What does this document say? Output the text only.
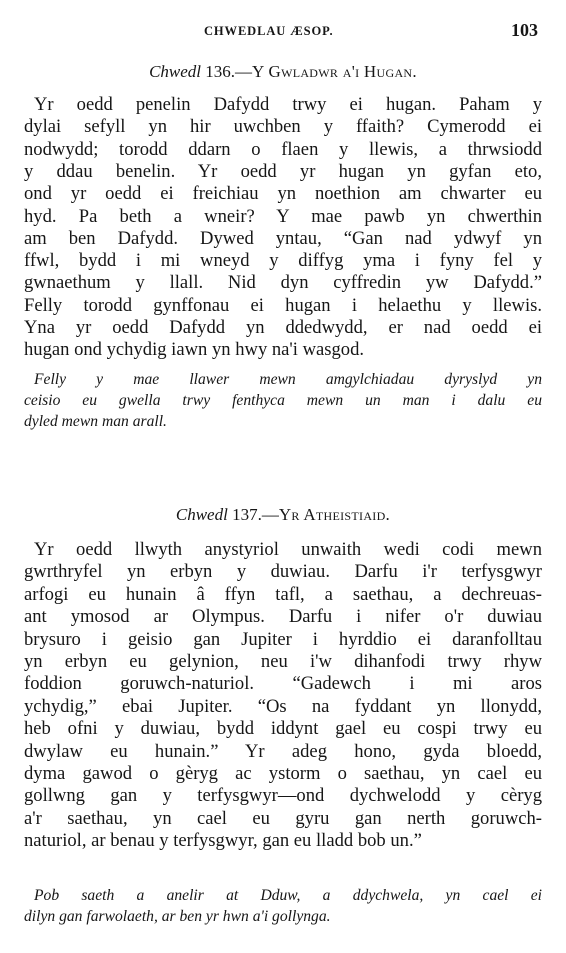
CHWEDLAU ÆSOP.	103
Chwedl 136.—Y Gwladwr a'i Hugan.
Yr oedd penelin Dafydd trwy ei hugan. Paham y
dylai sefyll yn hir uwchben y ffaith? Cymerodd ei
nodwydd; torodd ddarn o flaen y llewis, a thrwsiodd
y ddau benelin. Yr oedd yr hugan yn gyfan eto,
ond yr oedd ei freichiau yn noethion am chwarter eu
hyd. Pa beth a wneir? Y mae pawb yn chwerthin
am ben Dafydd. Dywed yntau, “Gan nad ydwyf yn
ffwl, bydd i mi wneyd y diffyg yma i fyny fel y
gwnaethum y llall. Nid dyn cyffredin yw Dafydd.”
Felly torodd gynffonau ei hugan i helaethu y llewis.
Yna yr oedd Dafydd yn ddedwydd, er nad oedd ei
hugan ond ychydig iawn yn hwy na'i wasgod.
Felly y mae llawer mewn amgylchiadau dyryslyd yn
ceisio eu gwella trwy fenthyca mewn un man i dalu eu
dyled mewn man arall.
Chwedl 137.—Yr Atheistiaid.
Yr oedd llwyth anystyriol unwaith wedi codi mewn
gwrthryfel yn erbyn y duwiau. Darfu i'r terfysgwyr
arfogi eu hunain â ffyn tafl, a saethau, a dechreuas-
ant ymosod ar Olympus. Darfu i nifer o'r duwiau
brysuro i geisio gan Jupiter i hyrddio ei daranfolltau
yn erbyn eu gelynion, neu i'w dihanfodi trwy rhyw
foddion goruwch-naturiol. “Gadewch i mi aros
ychydig,” ebai Jupiter. “Os na fyddant yn llonydd,
heb ofni y duwiau, bydd iddynt gael eu cospi trwy eu
dwylaw eu hunain.” Yr adeg hono, gyda bloedd,
dyma gawod o gèryg ac ystorm o saethau, yn cael eu
gollwng gan y terfysgwyr—ond dychwelodd y cèryg
a'r saethau, yn cael eu gyru gan nerth goruwch-
naturiol, ar benau y terfysgwyr, gan eu lladd bob un.”
Pob saeth a anelir at Dduw, a ddychwela, yn cael ei
dilyn gan farwolaeth, ar ben yr hwn a'i gollynga.
